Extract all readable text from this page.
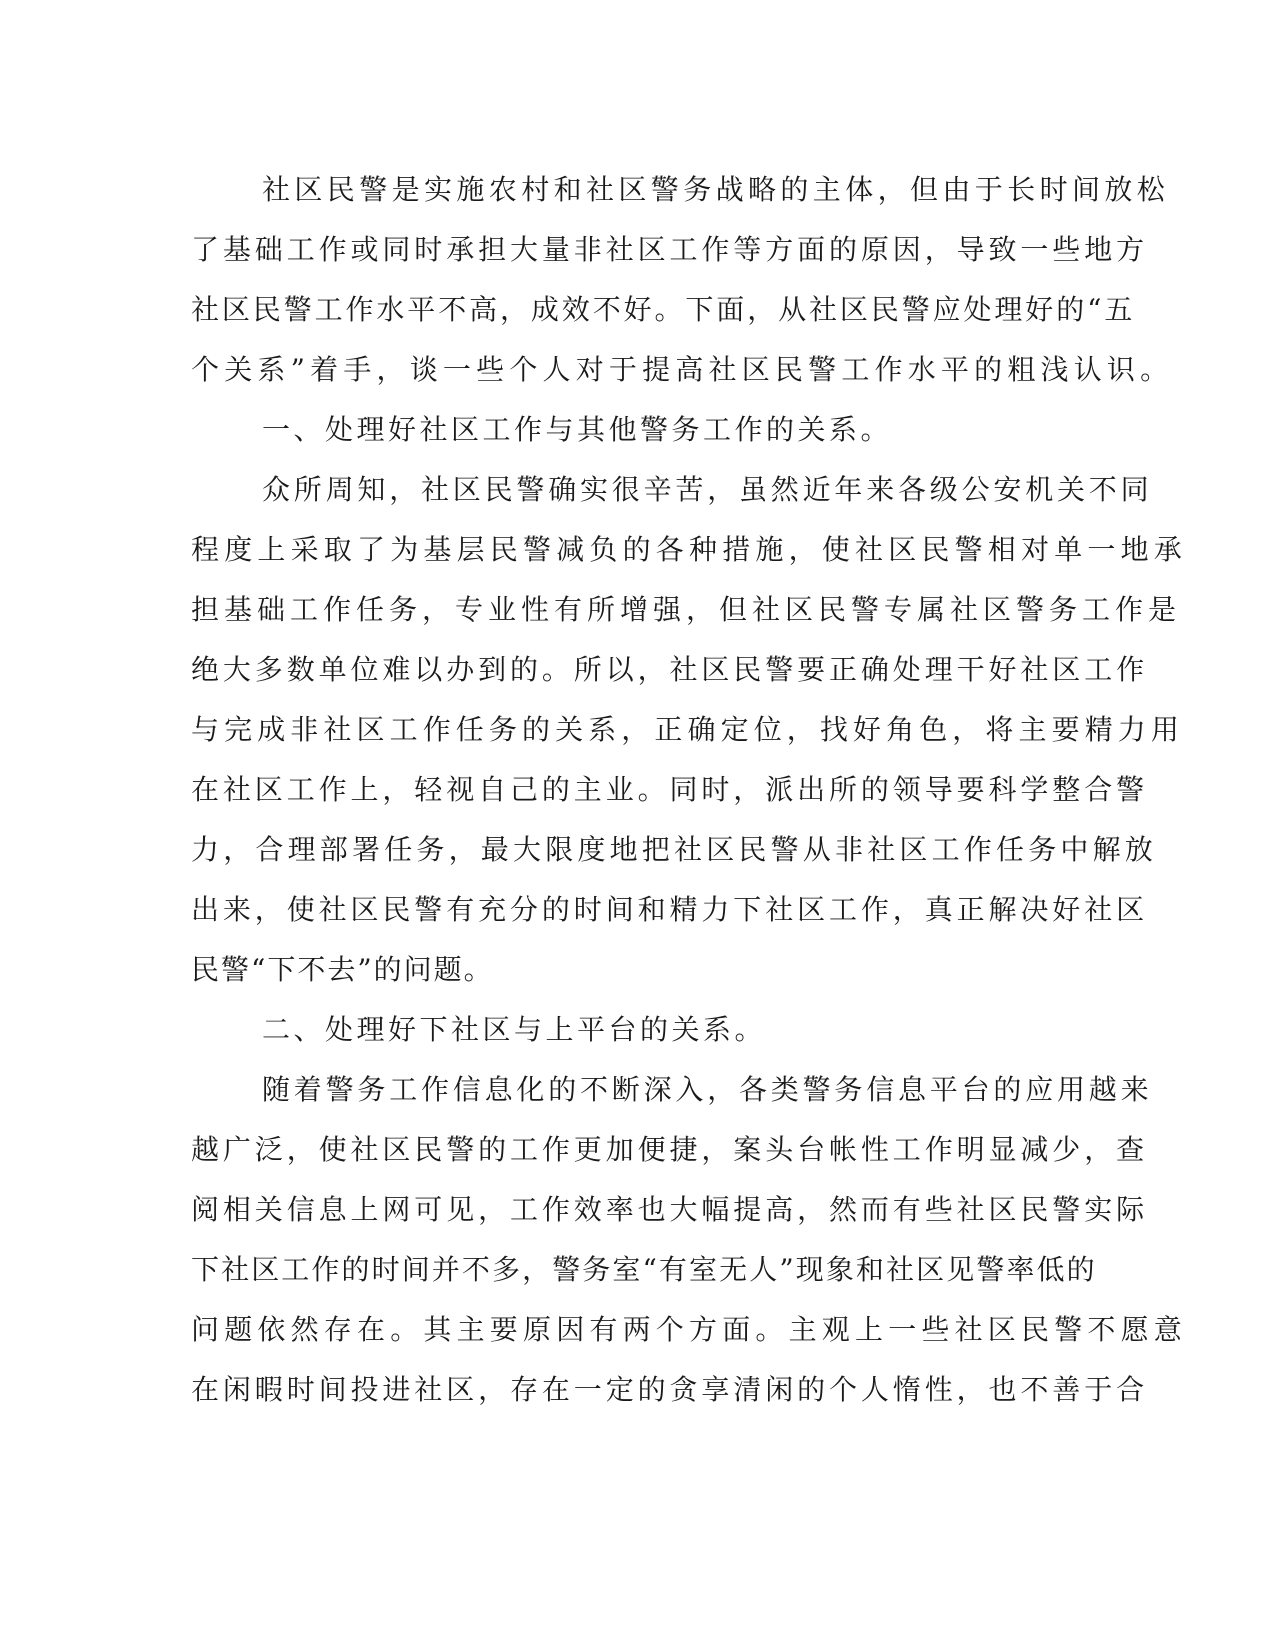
社区民警是实施农村和社区警务战略的主体，但由于长时间放松

了基础工作或同时承担大量非社区工作等方面的原因，导致一些地方

社区民警工作水平不高，成效不好。下面，从社区民警应处理好的“五

个关系”着手，谈一些个人对于提高社区民警工作水平的粗浅认识。

一、处理好社区工作与其他警务工作的关系。

众所周知，社区民警确实很辛苦，虽然近年来各级公安机关不同

程度上采取了为基层民警减负的各种措施，使社区民警相对单一地承

担基础工作任务，专业性有所增强，但社区民警专属社区警务工作是

绝大多数单位难以办到的。所以，社区民警要正确处理干好社区工作

与完成非社区工作任务的关系，正确定位，找好角色，将主要精力用

在社区工作上，轻视自己的主业。同时，派出所的领导要科学整合警

力，合理部署任务，最大限度地把社区民警从非社区工作任务中解放

出来，使社区民警有充分的时间和精力下社区工作，真正解决好社区

民警“下不去”的问题。

二、处理好下社区与上平台的关系。

随着警务工作信息化的不断深入，各类警务信息平台的应用越来

越广泛，使社区民警的工作更加便捷，案头台帐性工作明显减少，查

阅相关信息上网可见，工作效率也大幅提高，然而有些社区民警实际

下社区工作的时间并不多，警务室“有室无人”现象和社区见警率低的

问题依然存在。其主要原因有两个方面。主观上一些社区民警不愿意

在闲暇时间投进社区，存在一定的贪享清闲的个人惰性，也不善于合
